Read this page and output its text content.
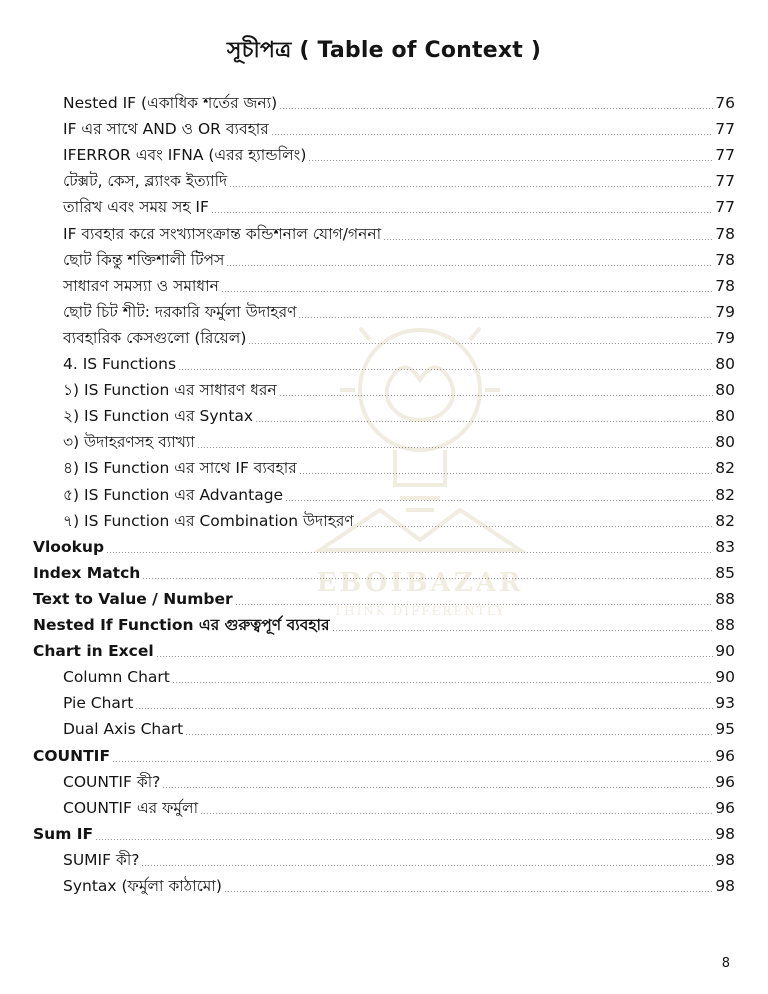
EBOIBAZAR
THINK DIFFERENTLY
সূচীপত্র ( Table of Context )
Nested IF (একাধিক শর্তের জন্য)	76
IF এর সাথে AND ও OR ব্যবহার	77
IFERROR এবং IFNA (এরর হ্যান্ডলিং)	77
টেক্সট, কেস, ব্ল্যাংক ইত্যাদি	77
তারিখ এবং সময় সহ IF	77
IF ব্যবহার করে সংখ্যাসংক্রান্ত কন্ডিশনাল যোগ/গননা	78
ছোট কিন্তু শক্তিশালী টিপস	78
সাধারণ সমস্যা ও সমাধান	78
ছোট চিট শীট: দরকারি ফর্মুলা উদাহরণ	79
ব্যবহারিক কেসগুলো (রিয়েল)	79
4. IS Functions	80
১) IS Function এর সাধারণ ধরন	80
২) IS Function এর Syntax	80
৩) উদাহরণসহ ব্যাখ্যা	80
৪) IS Function এর সাথে IF ব্যবহার	82
৫) IS Function এর Advantage	82
৭) IS Function এর Combination উদাহরণ	82
Vlookup	83
Index Match	85
Text to Value / Number	88
Nested If Function এর গুরুত্বপূর্ণ ব্যবহার	88
Chart in Excel	90
Column Chart	90
Pie Chart	93
Dual Axis Chart	95
COUNTIF	96
COUNTIF কী?	96
COUNTIF এর ফর্মুলা	96
Sum IF	98
SUMIF কী?	98
Syntax (ফর্মুলা কাঠামো)	98
8
